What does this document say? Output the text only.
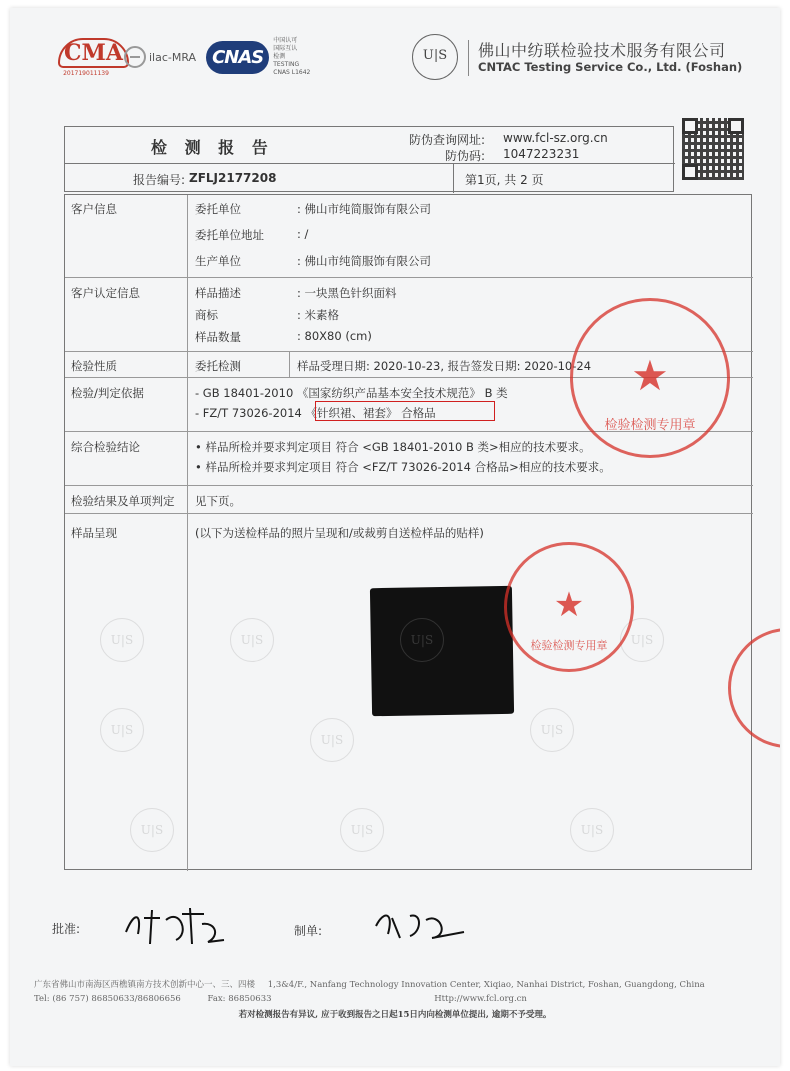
CMA
201719011139
ilac-MRA CNAS
中国认可
国际互认
检测
TESTING
CNAS L1642
U|S	佛山中纺联检验技术服务有限公司
CNTAC Testing Service Co., Ltd. (Foshan)
检 测 报 告	防伪查询网址: www.fcl-sz.org.cn
防伪码: 1047223231
报告编号: ZFLJ2177208	第1页, 共 2 页
客户信息	委托单位	: 佛山市纯简服饰有限公司
委托单位地址	: /
生产单位	: 佛山市纯简服饰有限公司
客户认定信息	样品描述	: 一块黑色针织面料
商标	: 米素格
样品数量	: 80X80 (cm)
检验性质	委托检测	样品受理日期: 2020-10-23, 报告签发日期: 2020-10-24
检验/判定依据	- GB 18401-2010 《国家纺织产品基本安全技术规范》 B 类
- FZ/T 73026-2014 《针织裙、裙套》 合格品
综合检验结论	• 样品所检并要求判定项目 符合 <GB 18401-2010 B 类>相应的技术要求。
• 样品所检并要求判定项目 符合 <FZ/T 73026-2014 合格品>相应的技术要求。
检验结果及单项判定 见下页。
样品呈现	(以下为送检样品的照片呈现和/或裁剪自送检样品的贴样)
U|S	U|S	U|S	U|S
U|S
U|S
U|S
U|S	U|S	U|S
★
检验检测专用章
★
检验检测专用章
批准:	制单:
广东省佛山市南海区西樵镇南方技术创新中心一、三、四楼 1,3&4/F., Nanfang Technology Innovation Center, Xiqiao, Nanhai District, Foshan, Guangdong, China
Tel: (86 757) 86850633/86806656	Fax: 86850633	Http://www.fcl.org.cn
若对检测报告有异议, 应于收到报告之日起15日内向检测单位提出, 逾期不予受理。
